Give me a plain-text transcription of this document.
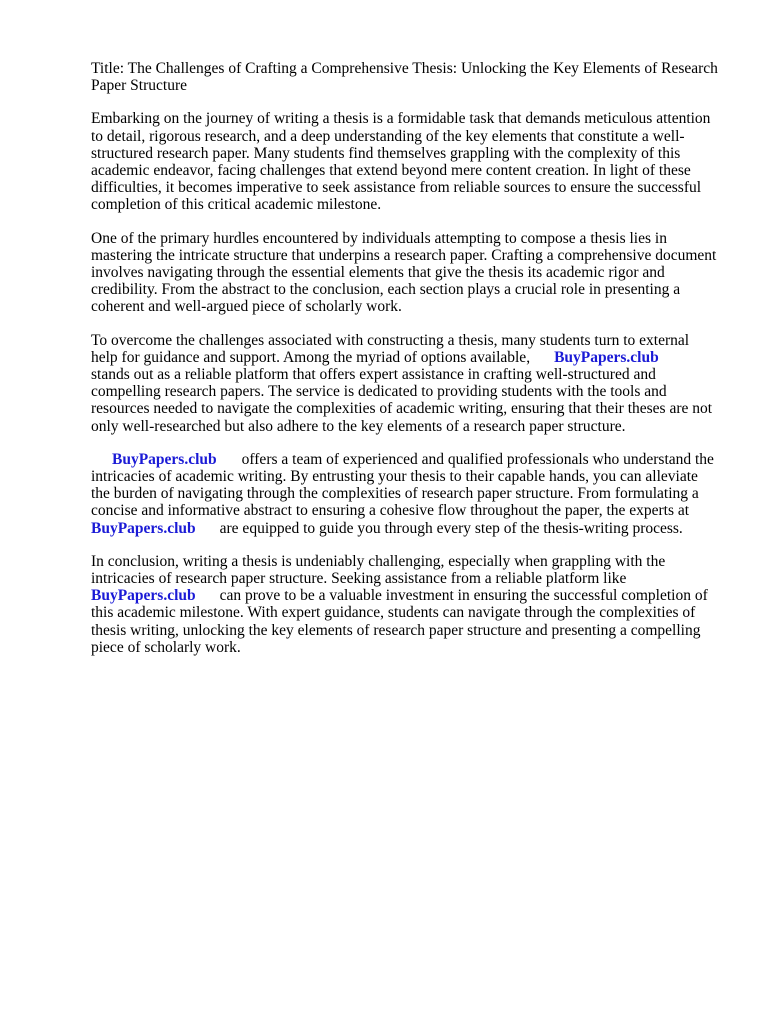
Title: The Challenges of Crafting a Comprehensive Thesis: Unlocking the Key Elements of Research
Paper Structure

Embarking on the journey of writing a thesis is a formidable task that demands meticulous attention
to detail, rigorous research, and a deep understanding of the key elements that constitute a well-
structured research paper. Many students find themselves grappling with the complexity of this
academic endeavor, facing challenges that extend beyond mere content creation. In light of these
difficulties, it becomes imperative to seek assistance from reliable sources to ensure the successful
completion of this critical academic milestone.

One of the primary hurdles encountered by individuals attempting to compose a thesis lies in
mastering the intricate structure that underpins a research paper. Crafting a comprehensive document
involves navigating through the essential elements that give the thesis its academic rigor and
credibility. From the abstract to the conclusion, each section plays a crucial role in presenting a
coherent and well-argued piece of scholarly work.

To overcome the challenges associated with constructing a thesis, many students turn to external
help for guidance and support. Among the myriad of options available, BuyPapers.club
stands out as a reliable platform that offers expert assistance in crafting well-structured and
compelling research papers. The service is dedicated to providing students with the tools and
resources needed to navigate the complexities of academic writing, ensuring that their theses are not
only well-researched but also adhere to the key elements of a research paper structure.

BuyPapers.club offers a team of experienced and qualified professionals who understand the
intricacies of academic writing. By entrusting your thesis to their capable hands, you can alleviate
the burden of navigating through the complexities of research paper structure. From formulating a
concise and informative abstract to ensuring a cohesive flow throughout the paper, the experts at
BuyPapers.club are equipped to guide you through every step of the thesis-writing process.

In conclusion, writing a thesis is undeniably challenging, especially when grappling with the
intricacies of research paper structure. Seeking assistance from a reliable platform like
BuyPapers.club can prove to be a valuable investment in ensuring the successful completion of
this academic milestone. With expert guidance, students can navigate through the complexities of
thesis writing, unlocking the key elements of research paper structure and presenting a compelling
piece of scholarly work.
